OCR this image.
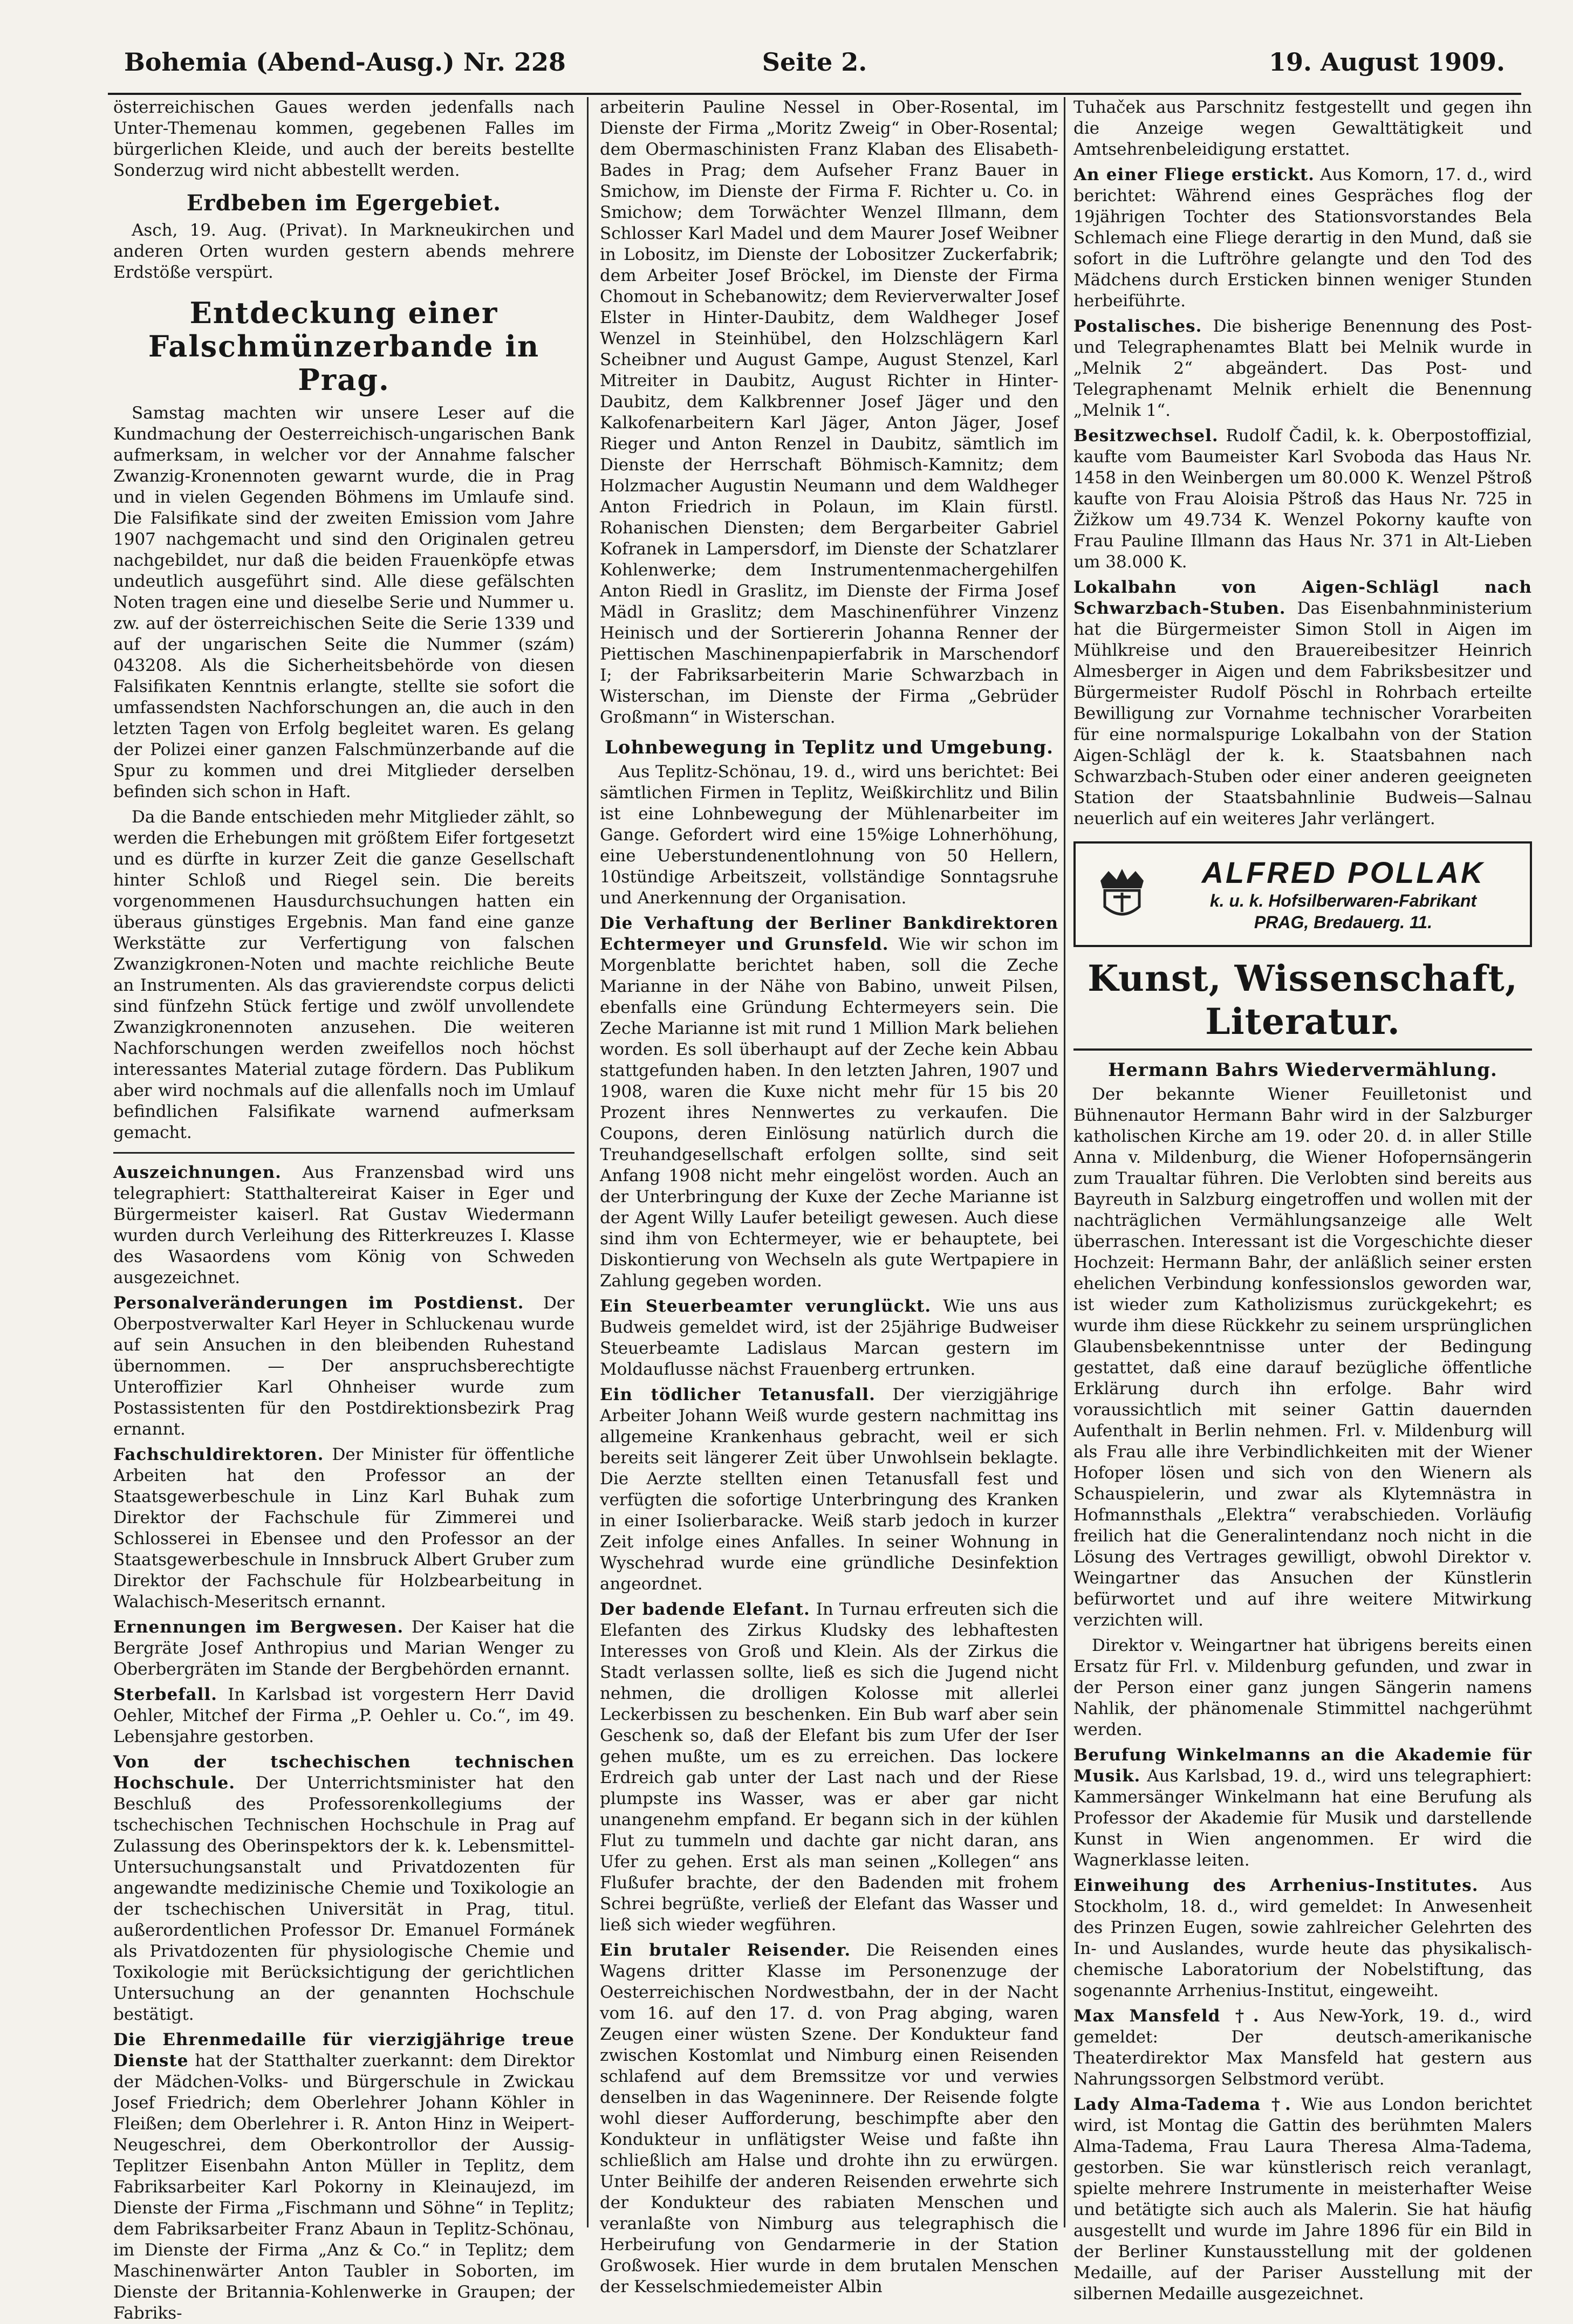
Bohemia (Abend-Ausg.) Nr. 228	Seite 2.	19. August 1909.

österreichischen Gaues werden jedenfalls nach Unter-Themenau kommen, gegebenen Falles im bürgerlichen Kleide, und auch der bereits bestellte Sonderzug wird nicht abbestellt werden.

Erdbeben im Egergebiet.

Asch, 19. Aug. (Privat). In Markneukirchen und anderen Orten wurden gestern abends mehrere Erdstöße verspürt.

Entdeckung einer Falschmünzerbande in Prag.

Samstag machten wir unsere Leser auf die Kundmachung der Oesterreichisch-ungarischen Bank aufmerksam, in welcher vor der Annahme falscher Zwanzig-Kronennoten gewarnt wurde, die in Prag und in vielen Gegenden Böhmens im Umlaufe sind. Die Falsifikate sind der zweiten Emission vom Jahre 1907 nachgemacht und sind den Originalen getreu nachgebildet, nur daß die beiden Frauenköpfe etwas undeutlich ausgeführt sind. Alle diese gefälschten Noten tragen eine und dieselbe Serie und Nummer u. zw. auf der österreichischen Seite die Serie 1339 und auf der ungarischen Seite die Nummer (szám) 043208. Als die Sicherheitsbehörde von diesen Falsifikaten Kenntnis erlangte, stellte sie sofort die umfassendsten Nachforschungen an, die auch in den letzten Tagen von Erfolg begleitet waren. Es gelang der Polizei einer ganzen Falschmünzerbande auf die Spur zu kommen und drei Mitglieder derselben befinden sich schon in Haft.

Da die Bande entschieden mehr Mitglieder zählt, so werden die Erhebungen mit größtem Eifer fortgesetzt und es dürfte in kurzer Zeit die ganze Gesellschaft hinter Schloß und Riegel sein. Die bereits vorgenommenen Hausdurchsuchungen hatten ein überaus günstiges Ergebnis. Man fand eine ganze Werkstätte zur Verfertigung von falschen Zwanzigkronen-Noten und machte reichliche Beute an Instrumenten. Als das gravierendste corpus delicti sind fünfzehn Stück fertige und zwölf unvollendete Zwanzigkronennoten anzusehen. Die weiteren Nachforschungen werden zweifellos noch höchst interessantes Material zutage fördern. Das Publikum aber wird nochmals auf die allenfalls noch im Umlauf befindlichen Falsifikate warnend aufmerksam gemacht.

Auszeichnungen. Aus Franzensbad wird uns telegraphiert: Statthaltereirat Kaiser in Eger und Bürgermeister kaiserl. Rat Gustav Wiedermann wurden durch Verleihung des Ritterkreuzes I. Klasse des Wasaordens vom König von Schweden ausgezeichnet.

Personalveränderungen im Postdienst. Der Oberpostverwalter Karl Heyer in Schluckenau wurde auf sein Ansuchen in den bleibenden Ruhestand übernommen. — Der anspruchsberechtigte Unteroffizier Karl Ohnheiser wurde zum Postassistenten für den Postdirektionsbezirk Prag ernannt.

Fachschuldirektoren. Der Minister für öffentliche Arbeiten hat den Professor an der Staatsgewerbeschule in Linz Karl Buhak zum Direktor der Fachschule für Zimmerei und Schlosserei in Ebensee und den Professor an der Staatsgewerbeschule in Innsbruck Albert Gruber zum Direktor der Fachschule für Holzbearbeitung in Walachisch-Meseritsch ernannt.

Ernennungen im Bergwesen. Der Kaiser hat die Bergräte Josef Anthropius und Marian Wenger zu Oberbergräten im Stande der Bergbehörden ernannt.

Sterbefall. In Karlsbad ist vorgestern Herr David Oehler, Mitchef der Firma „P. Oehler u. Co.“, im 49. Lebensjahre gestorben.

Von der tschechischen technischen Hochschule. Der Unterrichtsminister hat den Beschluß des Professorenkollegiums der tschechischen Technischen Hochschule in Prag auf Zulassung des Oberinspektors der k. k. Lebensmittel-Untersuchungsanstalt und Privatdozenten für angewandte medizinische Chemie und Toxikologie an der tschechischen Universität in Prag, titul. außerordentlichen Professor Dr. Emanuel Formánek als Privatdozenten für physiologische Chemie und Toxikologie mit Berücksichtigung der gerichtlichen Untersuchung an der genannten Hochschule bestätigt.

Die Ehrenmedaille für vierzigjährige treue Dienste hat der Statthalter zuerkannt: dem Direktor der Mädchen-Volks- und Bürgerschule in Zwickau Josef Friedrich; dem Oberlehrer Johann Köhler in Fleißen; dem Oberlehrer i. R. Anton Hinz in Weipert-Neugeschrei, dem Oberkontrollor der Aussig-Teplitzer Eisenbahn Anton Müller in Teplitz, dem Fabriksarbeiter Karl Pokorny in Kleinaujezd, im Dienste der Firma „Fischmann und Söhne“ in Teplitz; dem Fabriksarbeiter Franz Abaun in Teplitz-Schönau, im Dienste der Firma „Anz & Co.“ in Teplitz; dem Maschinenwärter Anton Taubler in Soborten, im Dienste der Britannia-Kohlenwerke in Graupen; der Fabriks-

arbeiterin Pauline Nessel in Ober-Rosental, im Dienste der Firma „Moritz Zweig“ in Ober-Rosental; dem Obermaschinisten Franz Klaban des Elisabeth-Bades in Prag; dem Aufseher Franz Bauer in Smichow, im Dienste der Firma F. Richter u. Co. in Smichow; dem Torwächter Wenzel Illmann, dem Schlosser Karl Madel und dem Maurer Josef Weibner in Lobositz, im Dienste der Lobositzer Zuckerfabrik; dem Arbeiter Josef Bröckel, im Dienste der Firma Chomout in Schebanowitz; dem Revierverwalter Josef Elster in Hinter-Daubitz, dem Waldheger Josef Wenzel in Steinhübel, den Holzschlägern Karl Scheibner und August Gampe, August Stenzel, Karl Mitreiter in Daubitz, August Richter in Hinter-Daubitz, dem Kalkbrenner Josef Jäger und den Kalkofenarbeitern Karl Jäger, Anton Jäger, Josef Rieger und Anton Renzel in Daubitz, sämtlich im Dienste der Herrschaft Böhmisch-Kamnitz; dem Holzmacher Augustin Neumann und dem Waldheger Anton Friedrich in Polaun, im Klain fürstl. Rohanischen Diensten; dem Bergarbeiter Gabriel Kofranek in Lampersdorf, im Dienste der Schatzlarer Kohlenwerke; dem Instrumentenmachergehilfen Anton Riedl in Graslitz, im Dienste der Firma Josef Mädl in Graslitz; dem Maschinenführer Vinzenz Heinisch und der Sortiererin Johanna Renner der Piettischen Maschinenpapierfabrik in Marschendorf I; der Fabriksarbeiterin Marie Schwarzbach in Wisterschan, im Dienste der Firma „Gebrüder Großmann“ in Wisterschan.

Lohnbewegung in Teplitz und Umgebung.

Aus Teplitz-Schönau, 19. d., wird uns berichtet: Bei sämtlichen Firmen in Teplitz, Weißkirchlitz und Bilin ist eine Lohnbewegung der Mühlenarbeiter im Gange. Gefordert wird eine 15%ige Lohnerhöhung, eine Ueberstundenentlohnung von 50 Hellern, 10stündige Arbeitszeit, vollständige Sonntagsruhe und Anerkennung der Organisation.

Die Verhaftung der Berliner Bankdirektoren Echtermeyer und Grunsfeld. Wie wir schon im Morgenblatte berichtet haben, soll die Zeche Marianne in der Nähe von Babino, unweit Pilsen, ebenfalls eine Gründung Echtermeyers sein. Die Zeche Marianne ist mit rund 1 Million Mark beliehen worden. Es soll überhaupt auf der Zeche kein Abbau stattgefunden haben. In den letzten Jahren, 1907 und 1908, waren die Kuxe nicht mehr für 15 bis 20 Prozent ihres Nennwertes zu verkaufen. Die Coupons, deren Einlösung natürlich durch die Treuhandgesellschaft erfolgen sollte, sind seit Anfang 1908 nicht mehr eingelöst worden. Auch an der Unterbringung der Kuxe der Zeche Marianne ist der Agent Willy Laufer beteiligt gewesen. Auch diese sind ihm von Echtermeyer, wie er behauptete, bei Diskontierung von Wechseln als gute Wertpapiere in Zahlung gegeben worden.

Ein Steuerbeamter verunglückt. Wie uns aus Budweis gemeldet wird, ist der 25jährige Budweiser Steuerbeamte Ladislaus Marcan gestern im Moldauflusse nächst Frauenberg ertrunken.

Ein tödlicher Tetanusfall. Der vierzigjährige Arbeiter Johann Weiß wurde gestern nachmittag ins allgemeine Krankenhaus gebracht, weil er sich bereits seit längerer Zeit über Unwohlsein beklagte. Die Aerzte stellten einen Tetanusfall fest und verfügten die sofortige Unterbringung des Kranken in einer Isolierbaracke. Weiß starb jedoch in kurzer Zeit infolge eines Anfalles. In seiner Wohnung in Wyschehrad wurde eine gründliche Desinfektion angeordnet.

Der badende Elefant. In Turnau erfreuten sich die Elefanten des Zirkus Kludsky des lebhaftesten Interesses von Groß und Klein. Als der Zirkus die Stadt verlassen sollte, ließ es sich die Jugend nicht nehmen, die drolligen Kolosse mit allerlei Leckerbissen zu beschenken. Ein Bub warf aber sein Geschenk so, daß der Elefant bis zum Ufer der Iser gehen mußte, um es zu erreichen. Das lockere Erdreich gab unter der Last nach und der Riese plumpste ins Wasser, was er aber gar nicht unangenehm empfand. Er begann sich in der kühlen Flut zu tummeln und dachte gar nicht daran, ans Ufer zu gehen. Erst als man seinen „Kollegen“ ans Flußufer brachte, der den Badenden mit frohem Schrei begrüßte, verließ der Elefant das Wasser und ließ sich wieder wegführen.

Ein brutaler Reisender. Die Reisenden eines Wagens dritter Klasse im Personenzuge der Oesterreichischen Nordwestbahn, der in der Nacht vom 16. auf den 17. d. von Prag abging, waren Zeugen einer wüsten Szene. Der Kondukteur fand zwischen Kostomlat und Nimburg einen Reisenden schlafend auf dem Bremssitze vor und verwies denselben in das Wageninnere. Der Reisende folgte wohl dieser Aufforderung, beschimpfte aber den Kondukteur in unflätigster Weise und faßte ihn schließlich am Halse und drohte ihn zu erwürgen. Unter Beihilfe der anderen Reisenden erwehrte sich der Kondukteur des rabiaten Menschen und veranlaßte von Nimburg aus telegraphisch die Herbeirufung von Gendarmerie in der Station Großwosek. Hier wurde in dem brutalen Menschen der Kesselschmiedemeister Albin

Tuhaček aus Parschnitz festgestellt und gegen ihn die Anzeige wegen Gewalttätigkeit und Amtsehrenbeleidigung erstattet.

An einer Fliege erstickt. Aus Komorn, 17. d., wird berichtet: Während eines Gespräches flog der 19jährigen Tochter des Stationsvorstandes Bela Schlemach eine Fliege derartig in den Mund, daß sie sofort in die Luftröhre gelangte und den Tod des Mädchens durch Ersticken binnen weniger Stunden herbeiführte.

Postalisches. Die bisherige Benennung des Post- und Telegraphenamtes Blatt bei Melnik wurde in „Melnik 2“ abgeändert. Das Post- und Telegraphenamt Melnik erhielt die Benennung „Melnik 1“.

Besitzwechsel. Rudolf Čadil, k. k. Oberpostoffizial, kaufte vom Baumeister Karl Svoboda das Haus Nr. 1458 in den Weinbergen um 80.000 K. Wenzel Pštroß kaufte von Frau Aloisia Pštroß das Haus Nr. 725 in Žižkow um 49.734 K. Wenzel Pokorny kaufte von Frau Pauline Illmann das Haus Nr. 371 in Alt-Lieben um 38.000 K.

Lokalbahn von Aigen-Schlägl nach Schwarzbach-Stuben. Das Eisenbahnministerium hat die Bürgermeister Simon Stoll in Aigen im Mühlkreise und den Brauereibesitzer Heinrich Almesberger in Aigen und dem Fabriksbesitzer und Bürgermeister Rudolf Pöschl in Rohrbach erteilte Bewilligung zur Vornahme technischer Vorarbeiten für eine normalspurige Lokalbahn von der Station Aigen-Schlägl der k. k. Staatsbahnen nach Schwarzbach-Stuben oder einer anderen geeigneten Station der Staatsbahnlinie Budweis—Salnau neuerlich auf ein weiteres Jahr verlängert.

ALFRED POLLAK
k. u. k. Hofsilberwaren-Fabrikant
PRAG, Bredauerg. 11.
Kunst, Wissenschaft, Literatur.
Hermann Bahrs Wiedervermählung.

Der bekannte Wiener Feuilletonist und Bühnenautor Hermann Bahr wird in der Salzburger katholischen Kirche am 19. oder 20. d. in aller Stille Anna v. Mildenburg, die Wiener Hofopernsängerin zum Traualtar führen. Die Verlobten sind bereits aus Bayreuth in Salzburg eingetroffen und wollen mit der nachträglichen Vermählungsanzeige alle Welt überraschen. Interessant ist die Vorgeschichte dieser Hochzeit: Hermann Bahr, der anläßlich seiner ersten ehelichen Verbindung konfessionslos geworden war, ist wieder zum Katholizismus zurückgekehrt; es wurde ihm diese Rückkehr zu seinem ursprünglichen Glaubensbekenntnisse unter der Bedingung gestattet, daß eine darauf bezügliche öffentliche Erklärung durch ihn erfolge. Bahr wird voraussichtlich mit seiner Gattin dauernden Aufenthalt in Berlin nehmen. Frl. v. Mildenburg will als Frau alle ihre Verbindlichkeiten mit der Wiener Hofoper lösen und sich von den Wienern als Schauspielerin, und zwar als Klytemnästra in Hofmannsthals „Elektra“ verabschieden. Vorläufig freilich hat die Generalintendanz noch nicht in die Lösung des Vertrages gewilligt, obwohl Direktor v. Weingartner das Ansuchen der Künstlerin befürwortet und auf ihre weitere Mitwirkung verzichten will.

Direktor v. Weingartner hat übrigens bereits einen Ersatz für Frl. v. Mildenburg gefunden, und zwar in der Person einer ganz jungen Sängerin namens Nahlik, der phänomenale Stimmittel nachgerühmt werden.

Berufung Winkelmanns an die Akademie für Musik. Aus Karlsbad, 19. d., wird uns telegraphiert: Kammersänger Winkelmann hat eine Berufung als Professor der Akademie für Musik und darstellende Kunst in Wien angenommen. Er wird die Wagnerklasse leiten.

Einweihung des Arrhenius-Institutes. Aus Stockholm, 18. d., wird gemeldet: In Anwesenheit des Prinzen Eugen, sowie zahlreicher Gelehrten des In- und Auslandes, wurde heute das physikalisch-chemische Laboratorium der Nobelstiftung, das sogenannte Arrhenius-Institut, eingeweiht.

Max Mansfeld †. Aus New-York, 19. d., wird gemeldet: Der deutsch-amerikanische Theaterdirektor Max Mansfeld hat gestern aus Nahrungssorgen Selbstmord verübt.

Lady Alma-Tadema †. Wie aus London berichtet wird, ist Montag die Gattin des berühmten Malers Alma-Tadema, Frau Laura Theresa Alma-Tadema, gestorben. Sie war künstlerisch reich veranlagt, spielte mehrere Instrumente in meisterhafter Weise und betätigte sich auch als Malerin. Sie hat häufig ausgestellt und wurde im Jahre 1896 für ein Bild in der Berliner Kunstausstellung mit der goldenen Medaille, auf der Pariser Ausstellung mit der silbernen Medaille ausgezeichnet.
